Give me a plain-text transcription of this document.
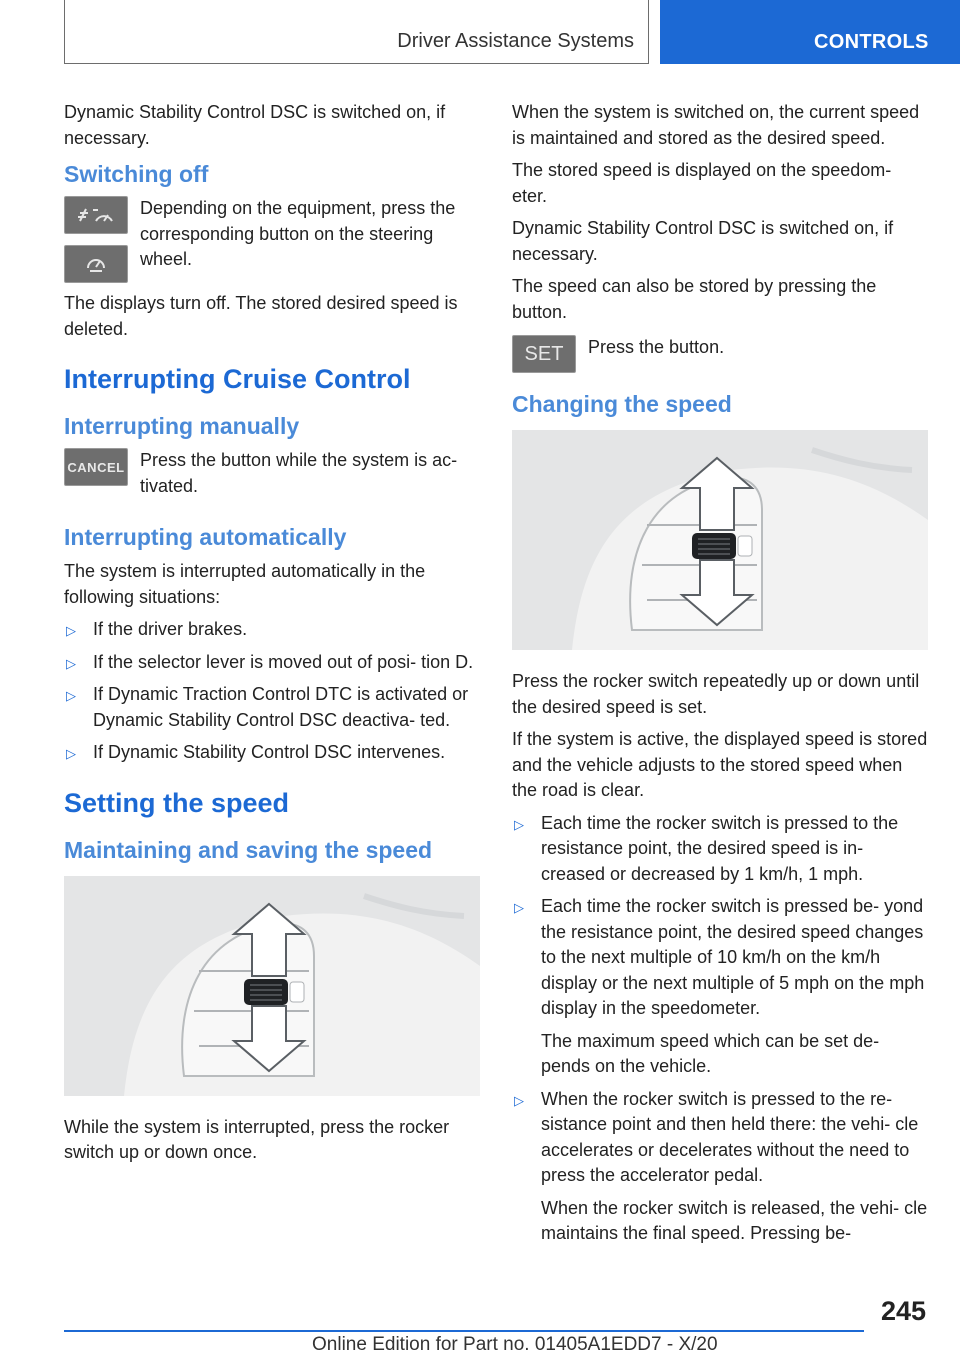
Driver Assistance Systems	CONTROLS

Dynamic Stability Control DSC is switched on, if necessary.

Switching off

Depending on the equipment, press the corresponding button on the steering wheel.

The displays turn off. The stored desired speed is deleted.

Interrupting Cruise Control
Interrupting manually
CANCEL Press the button while the system is ac‐ tivated.

Interrupting automatically

The system is interrupted automatically in the following situations:

▷ If the driver brakes.
▷ If the selector lever is moved out of posi‐ tion D.
▷ If Dynamic Traction Control DTC is activated or Dynamic Stability Control DSC deactiva‐ ted.
▷ If Dynamic Stability Control DSC intervenes.
Setting the speed
Maintaining and saving the speed

While the system is interrupted, press the rocker switch up or down once.

When the system is switched on, the current speed is maintained and stored as the desired speed.

The stored speed is displayed on the speedom‐ eter.

Dynamic Stability Control DSC is switched on, if necessary.

The speed can also be stored by pressing the button.

SET Press the button.

Changing the speed

Press the rocker switch repeatedly up or down until the desired speed is set.

If the system is active, the displayed speed is stored and the vehicle adjusts to the stored speed when the road is clear.

▷ Each time the rocker switch is pressed to the resistance point, the desired speed is in‐ creased or decreased by 1 km/h, 1 mph.
▷ Each time the rocker switch is pressed be‐ yond the resistance point, the desired speed changes to the next multiple of 10 km/h on the km/h display or the next multiple of 5 mph on the mph display in the speedometer.
The maximum speed which can be set de‐ pends on the vehicle.
▷ When the rocker switch is pressed to the re‐ sistance point and then held there: the vehi‐ cle accelerates or decelerates without the need to press the accelerator pedal.
When the rocker switch is released, the vehi‐ cle maintains the final speed. Pressing be‐
245
Online Edition for Part no. 01405A1EDD7 - X/20
